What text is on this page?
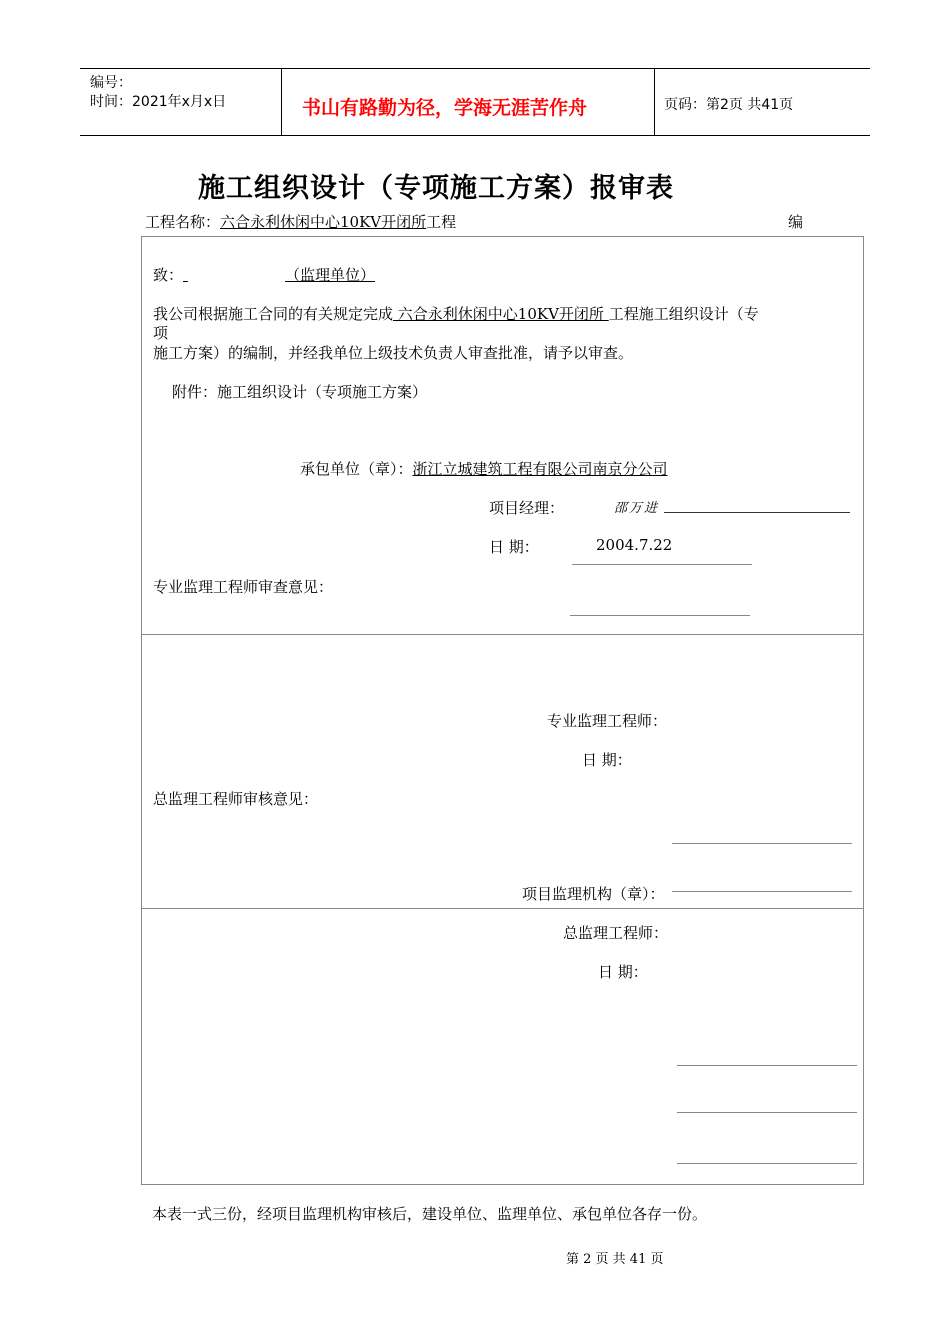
编号：
时间：2021年x月x日	书山有路勤为径，学海无涯苦作舟	页码：第2页 共41页
施工组织设计（专项施工方案）报审表
工程名称：六合永利休闲中心10KV开闭所工程	编
致：	（监理单位）
我公司根据施工合同的有关规定完成 六合永利休闲中心10KV开闭所 工程施工组织设计（专
项
施工方案）的编制，并经我单位上级技术负责人审查批准，请予以审查。
附件：施工组织设计（专项施工方案）
承包单位（章）：浙江立城建筑工程有限公司南京分公司
项目经理：	邵万进
日 期：	2004.7.22
专业监理工程师审查意见：
专业监理工程师：
日 期：
总监理工程师审核意见：
项目监理机构（章）：
总监理工程师：
日 期：
本表一式三份，经项目监理机构审核后，建设单位、监理单位、承包单位各存一份。
第 2 页 共 41 页
